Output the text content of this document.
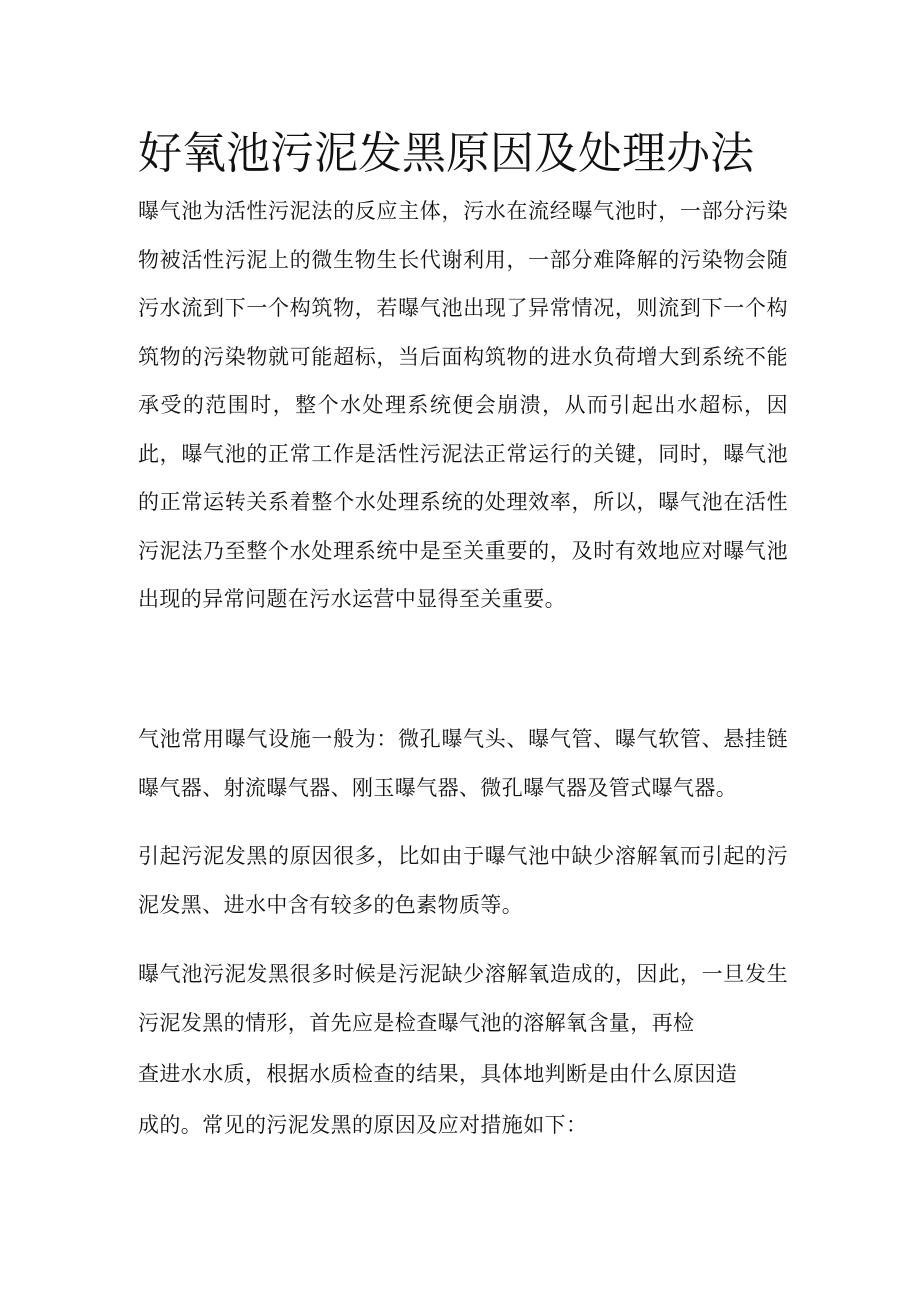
好氧池污泥发黑原因及处理办法

曝气池为活性污泥法的反应主体，污水在流经曝气池时，一部分污染物被活性污泥上的微生物生长代谢利用，一部分难降解的污染物会随污水流到下一个构筑物，若曝气池出现了异常情况，则流到下一个构筑物的污染物就可能超标，当后面构筑物的进水负荷增大到系统不能承受的范围时，整个水处理系统便会崩溃，从而引起出水超标，因此，曝气池的正常工作是活性污泥法正常运行的关键，同时，曝气池的正常运转关系着整个水处理系统的处理效率，所以，曝气池在活性污泥法乃至整个水处理系统中是至关重要的，及时有效地应对曝气池出现的异常问题在污水运营中显得至关重要。

气池常用曝气设施一般为：微孔曝气头、曝气管、曝气软管、悬挂链曝气器、射流曝气器、刚玉曝气器、微孔曝气器及管式曝气器。

引起污泥发黑的原因很多，比如由于曝气池中缺少溶解氧而引起的污泥发黑、进水中含有较多的色素物质等。

曝气池污泥发黑很多时候是污泥缺少溶解氧造成的，因此，一旦发生污泥发黑的情形，首先应是检查曝气池的溶解氧含量，再检

查进水水质，根据水质检查的结果，具体地判断是由什么原因造

成的。常见的污泥发黑的原因及应对措施如下：
